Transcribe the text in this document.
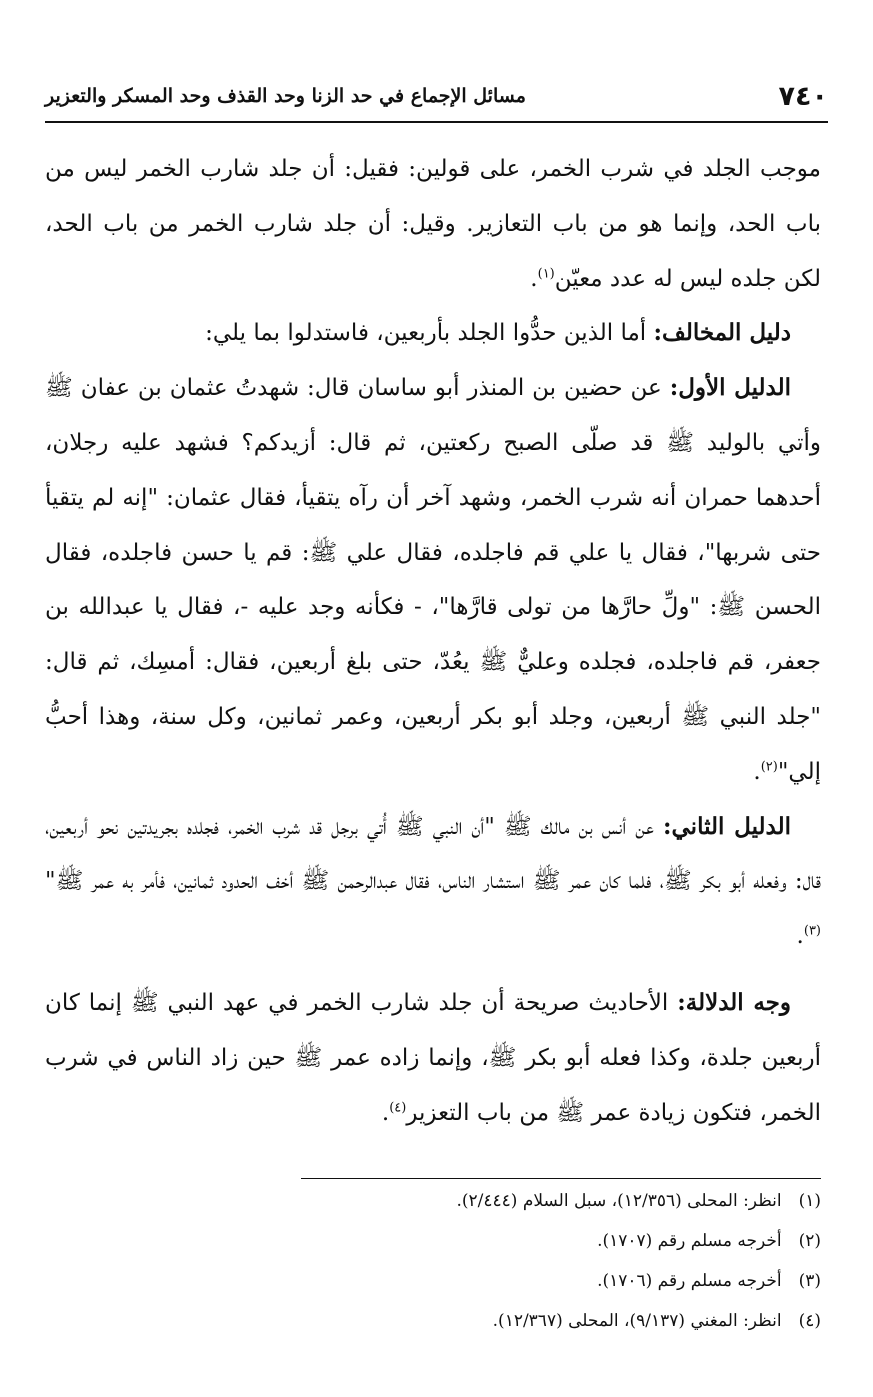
٧٤٠
مسائل الإجماع في حد الزنا وحد القذف وحد المسكر والتعزير

موجب الجلد في شرب الخمر، على قولين: فقيل: أن جلد شارب الخمر ليس من باب الحد، وإنما هو من باب التعازير. وقيل: أن جلد شارب الخمر من باب الحد، لكن جلده ليس له عدد معيّن$^{(١)}$.

دليل المخالف: أما الذين حدُّوا الجلد بأربعين، فاستدلوا بما يلي:

الدليل الأول: عن حضين بن المنذر أبو ساسان قال: شهدتُ عثمان بن عفان ﷺ وأتي بالوليد ﷺ قد صلّى الصبح ركعتين، ثم قال: أزيدكم؟ فشهد عليه رجلان، أحدهما حمران أنه شرب الخمر، وشهد آخر أن رآه يتقيأ، فقال عثمان: "إنه لم يتقيأ حتى شربها"، فقال يا علي قم فاجلده، فقال علي ﷺ: قم يا حسن فاجلده، فقال الحسن ﷺ: "ولِّ حارَّها من تولى قارَّها"، - فكأنه وجد عليه -، فقال يا عبدالله بن جعفر، قم فاجلده، فجلده وعليٌّ ﷺ يعُدّ، حتى بلغ أربعين، فقال: أمسِك، ثم قال: "جلد النبي ﷺ أربعين، وجلد أبو بكر أربعين، وعمر ثمانين، وكل سنة، وهذا أحبُّ إلي"$^{(٢)}$.

الدليل الثاني: عن أنس بن مالك ﷺ "أن النبي ﷺ أُتي برجل قد شرب الخمر، فجلده بجريدتين نحو أربعين، قال: وفعله أبو بكر ﷺ، فلما كان عمر ﷺ استشار الناس، فقال عبدالرحمن ﷺ أخف الحدود ثمانين، فأمر به عمر ﷺ"$^{(٣)}$.

وجه الدلالة: الأحاديث صريحة أن جلد شارب الخمر في عهد النبي ﷺ إنما كان أربعين جلدة، وكذا فعله أبو بكر ﷺ، وإنما زاده عمر ﷺ حين زاد الناس في شرب الخمر، فتكون زيادة عمر ﷺ من باب التعزير$^{(٤)}$.

(١) انظر: المحلى (١٢/٣٥٦)، سبل السلام (٢/٤٤٤).
(٢) أخرجه مسلم رقم (١٧٠٧).
(٣) أخرجه مسلم رقم (١٧٠٦).
(٤) انظر: المغني (٩/١٣٧)، المحلى (١٢/٣٦٧).
